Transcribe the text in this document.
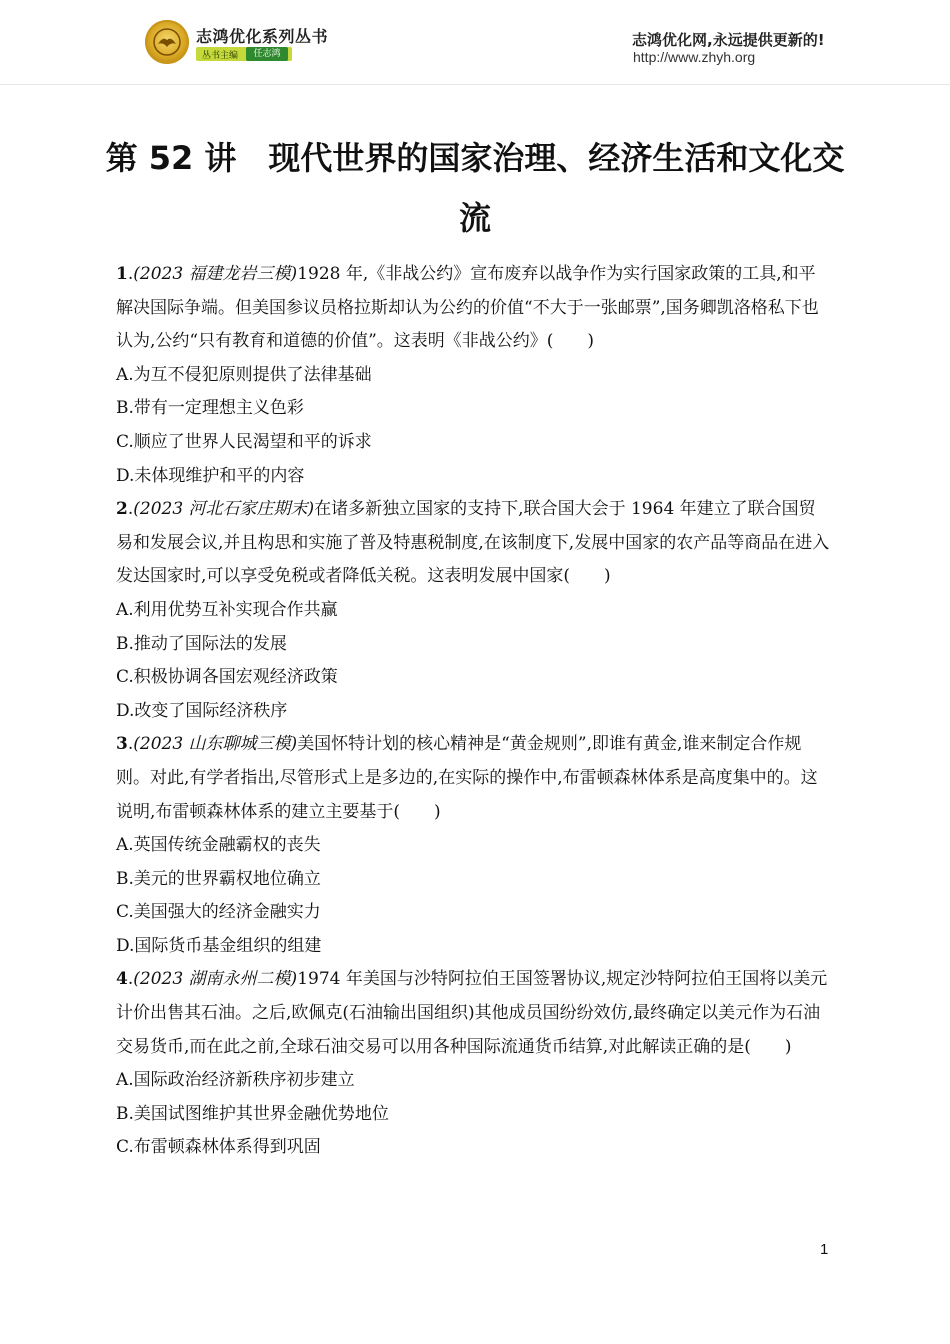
志鸿优化系列丛书
丛书主编	任志鸿
志鸿优化网,永远提供更新的!
http://www.zhyh.org
第 52 讲　现代世界的国家治理、经济生活和文化交流

1.(2023 福建龙岩三模)1928 年,《非战公约》宣布废弃以战争作为实行国家政策的工具,和平解决国际争端。但美国参议员格拉斯却认为公约的价值“不大于一张邮票”,国务卿凯洛格私下也认为,公约“只有教育和道德的价值”。这表明《非战公约》(　　)

A.为互不侵犯原则提供了法律基础

B.带有一定理想主义色彩

C.顺应了世界人民渴望和平的诉求

D.未体现维护和平的内容

2.(2023 河北石家庄期末)在诸多新独立国家的支持下,联合国大会于 1964 年建立了联合国贸易和发展会议,并且构思和实施了普及特惠税制度,在该制度下,发展中国家的农产品等商品在进入发达国家时,可以享受免税或者降低关税。这表明发展中国家(　　)

A.利用优势互补实现合作共赢

B.推动了国际法的发展

C.积极协调各国宏观经济政策

D.改变了国际经济秩序

3.(2023 山东聊城三模)美国怀特计划的核心精神是“黄金规则”,即谁有黄金,谁来制定合作规则。对此,有学者指出,尽管形式上是多边的,在实际的操作中,布雷顿森林体系是高度集中的。这说明,布雷顿森林体系的建立主要基于(　　)

A.英国传统金融霸权的丧失

B.美元的世界霸权地位确立

C.美国强大的经济金融实力

D.国际货币基金组织的组建

4.(2023 湖南永州二模)1974 年美国与沙特阿拉伯王国签署协议,规定沙特阿拉伯王国将以美元计价出售其石油。之后,欧佩克(石油输出国组织)其他成员国纷纷效仿,最终确定以美元作为石油交易货币,而在此之前,全球石油交易可以用各种国际流通货币结算,对此解读正确的是(　　)

A.国际政治经济新秩序初步建立

B.美国试图维护其世界金融优势地位

C.布雷顿森林体系得到巩固

1
